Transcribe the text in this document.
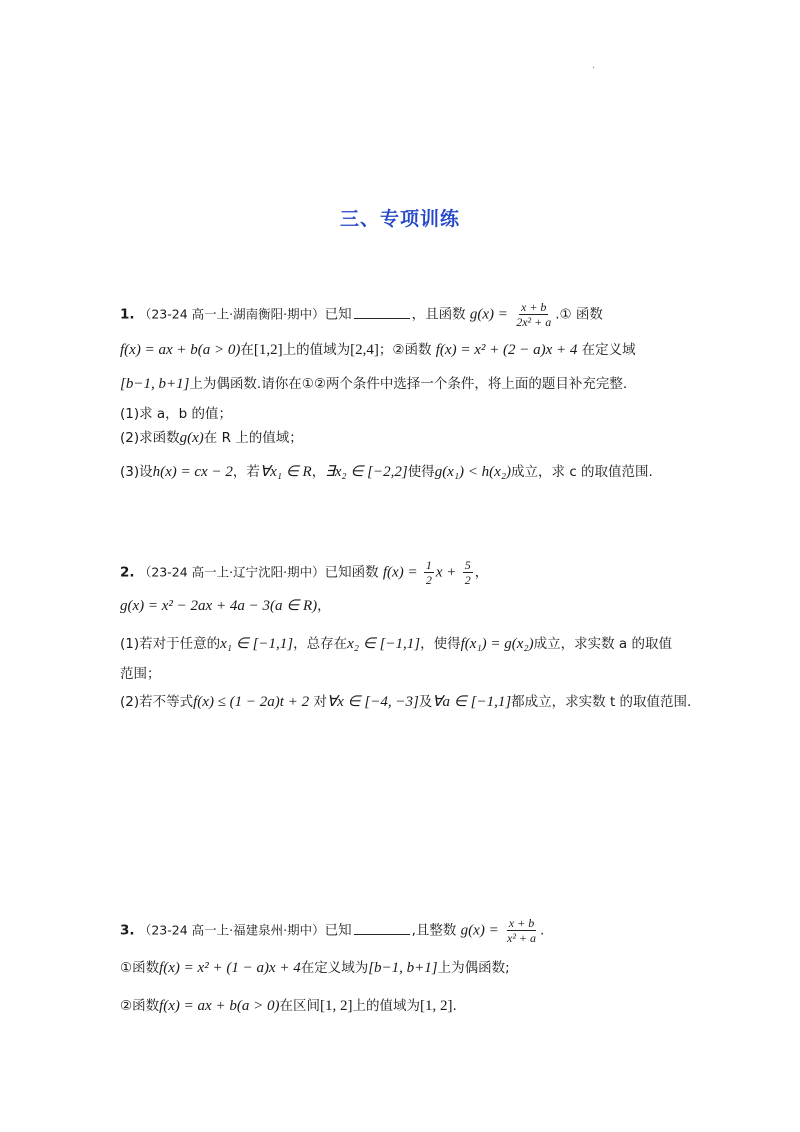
.
三、专项训练
1. （23-24 高一上·湖南衡阳·期中）已知	，且函数 $g(x) = \frac{x + b}{\text{2x² + a}}$ .① 函数
f(x) = ax + b(a > 0)在[1,2]上的值域为[2,4]；②函数 f(x) = x² + (2 − a)x + 4 在定义域
[b−1, b+1]上为偶函数.请你在①②两个条件中选择一个条件，将上面的题目补充完整.
(1)求 a，b 的值；
(2)求函数g(x)在 R 上的值域；
(3)设h(x) = cx − 2，若∀x₁ ∈ R，∃x₂ ∈ [−2,2]使得g(x₁) < h(x₂)成立，求 c 的取值范围.
2. （23-24 高一上·辽宁沈阳·期中）已知函数 $f(x) = \frac{1}{2}$ $x + \frac{5}{2}$ ，
g(x) = x² − 2ax + 4a − 3(a ∈ R)，
(1)若对于任意的x₁ ∈ [−1,1]，总存在x₂ ∈ [−1,1]，使得f(x₁) = g(x₂)成立，求实数 a 的取值
范围；
(2)若不等式f(x) ≤ (1 − 2a)t + 2 对∀x ∈ [−4, −3]及∀a ∈ [−1,1]都成立，求实数 t 的取值范围.
3. （23-24 高一上·福建泉州·期中）已知	,且整数 $g(x) = \frac{x + b}{\text{x² + a}}$ .
①函数f(x) = x² + (1 − a)x + 4在定义域为[b−1, b+1]上为偶函数;
②函数f(x) = ax + b(a > 0)在区间[1, 2]上的值域为[1, 2].
